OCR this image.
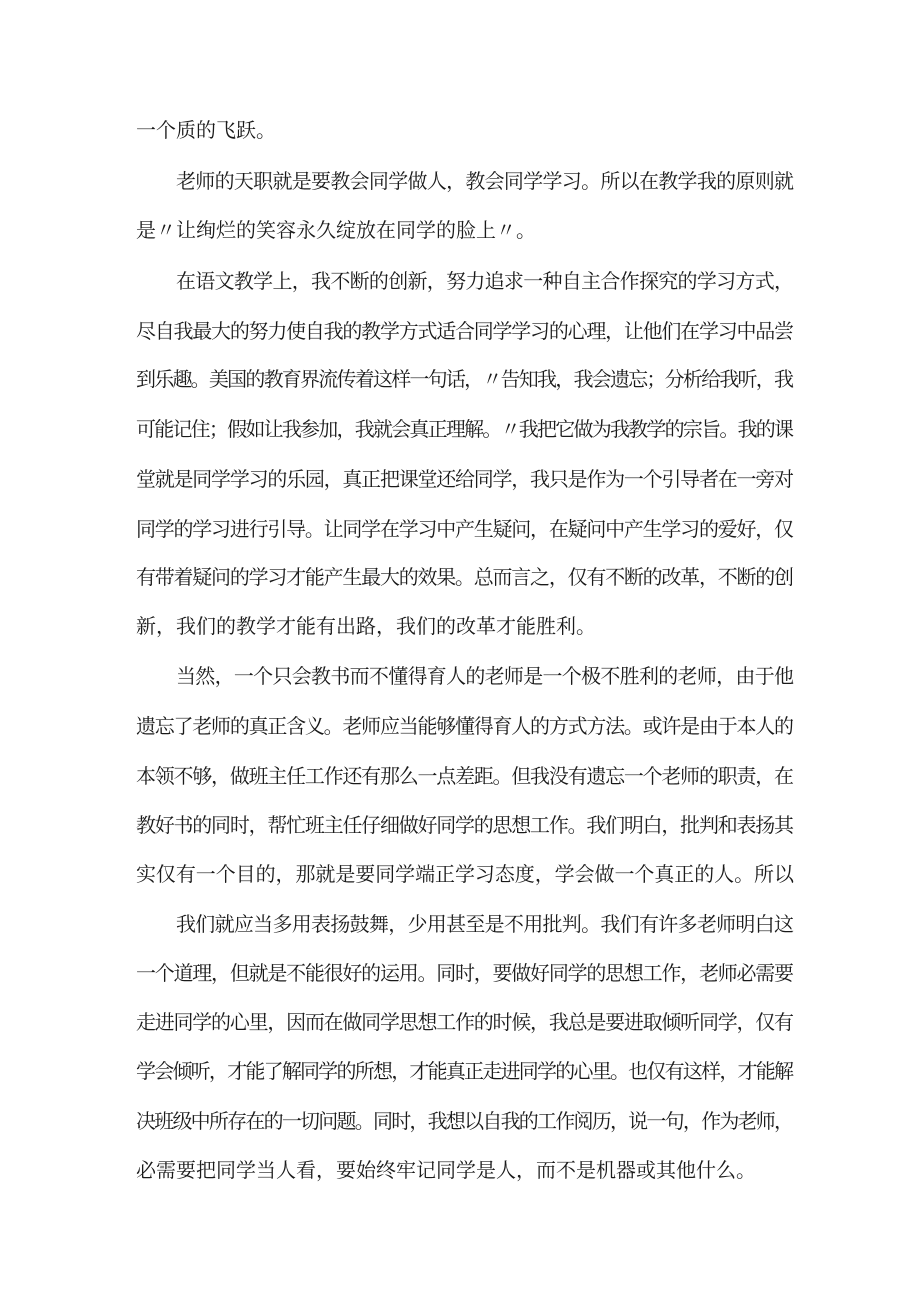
一个质的飞跃。
老师的天职就是要教会同学做人，教会同学学习。所以在教学我的原则就
是〃让绚烂的笑容永久绽放在同学的脸上〃。
在语文教学上，我不断的创新，努力追求一种自主合作探究的学习方式，
尽自我最大的努力使自我的教学方式适合同学学习的心理，让他们在学习中品尝
到乐趣。美国的教育界流传着这样一句话，〃告知我，我会遗忘；分析给我听，我
可能记住；假如让我参加，我就会真正理解。〃我把它做为我教学的宗旨。我的课
堂就是同学学习的乐园，真正把课堂还给同学，我只是作为一个引导者在一旁对
同学的学习进行引导。让同学在学习中产生疑问，在疑问中产生学习的爱好，仅
有带着疑问的学习才能产生最大的效果。总而言之，仅有不断的改革，不断的创
新，我们的教学才能有出路，我们的改革才能胜利。
当然，一个只会教书而不懂得育人的老师是一个极不胜利的老师，由于他
遗忘了老师的真正含义。老师应当能够懂得育人的方式方法。或许是由于本人的
本领不够，做班主任工作还有那么一点差距。但我没有遗忘一个老师的职责，在
教好书的同时，帮忙班主任仔细做好同学的思想工作。我们明白，批判和表扬其
实仅有一个目的，那就是要同学端正学习态度，学会做一个真正的人。所以
我们就应当多用表扬鼓舞，少用甚至是不用批判。我们有许多老师明白这
一个道理，但就是不能很好的运用。同时，要做好同学的思想工作，老师必需要
走进同学的心里，因而在做同学思想工作的时候，我总是要进取倾听同学，仅有
学会倾听，才能了解同学的所想，才能真正走进同学的心里。也仅有这样，才能解
决班级中所存在的一切问题。同时，我想以自我的工作阅历，说一句，作为老师，
必需要把同学当人看，要始终牢记同学是人，而不是机器或其他什么。
